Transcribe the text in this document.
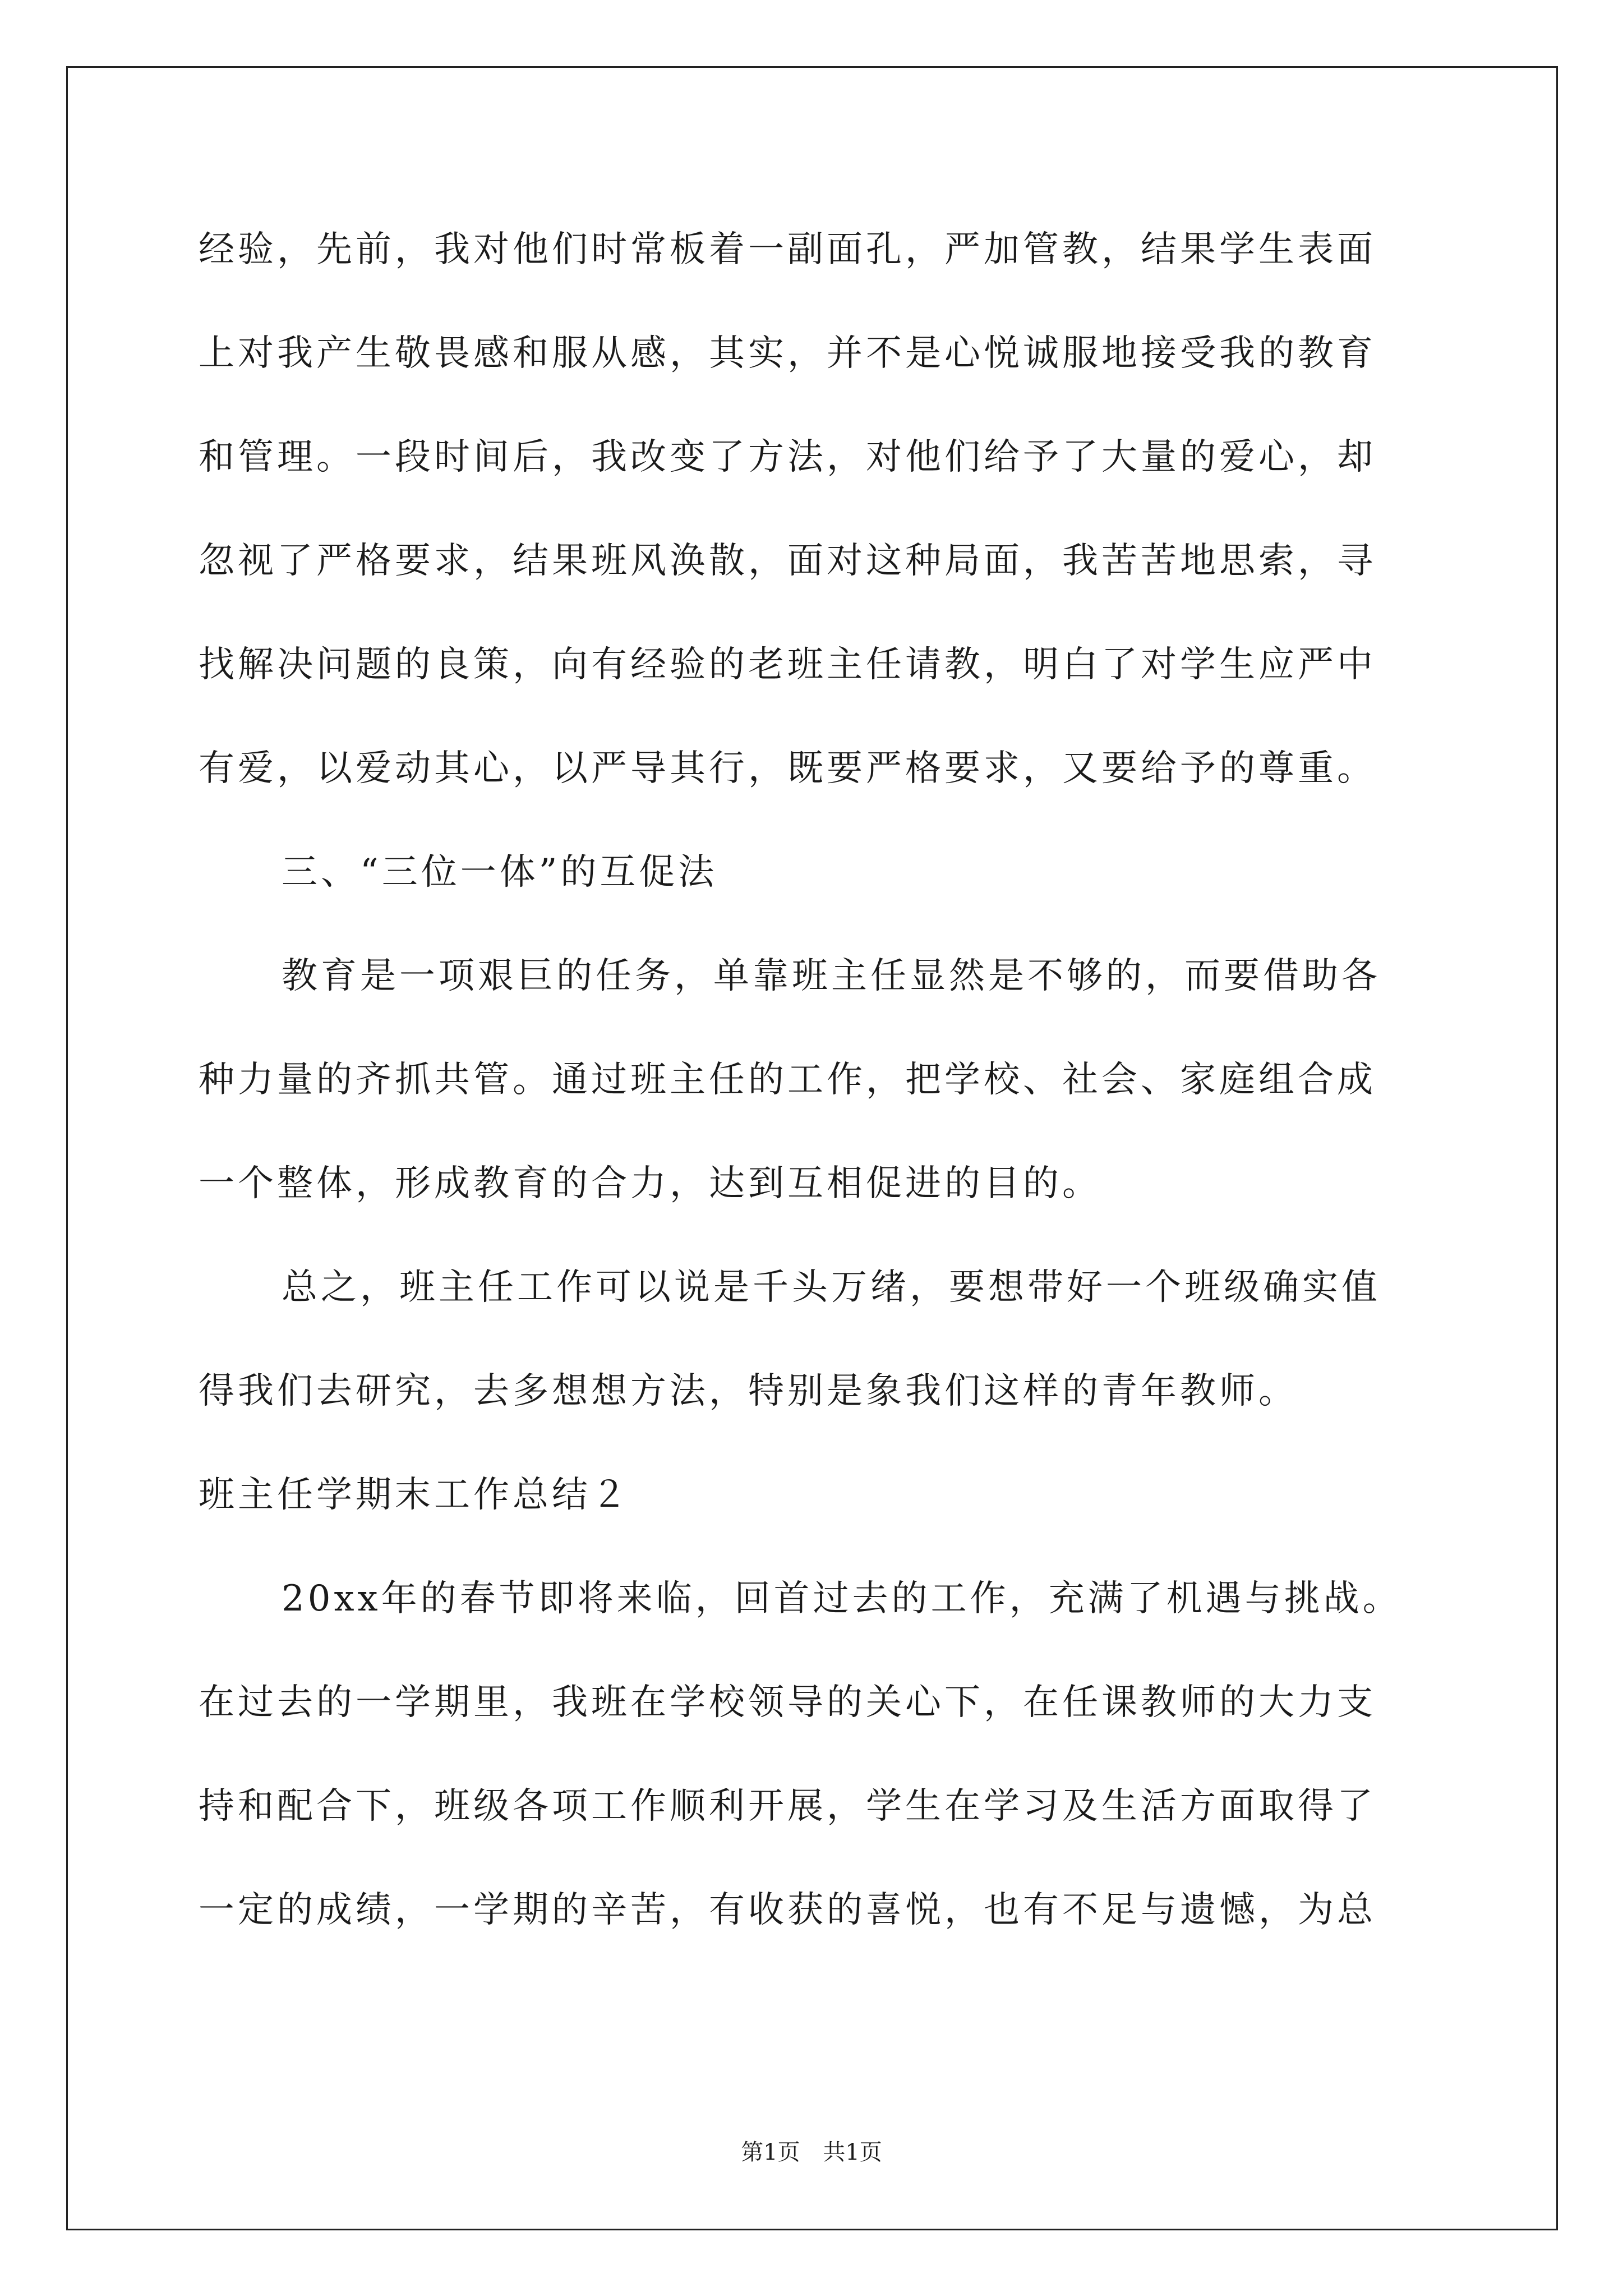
经验，先前，我对他们时常板着一副面孔，严加管教，结果学生表面
上对我产生敬畏感和服从感，其实，并不是心悦诚服地接受我的教育
和管理。一段时间后，我改变了方法，对他们给予了大量的爱心，却
忽视了严格要求，结果班风涣散，面对这种局面，我苦苦地思索，寻
找解决问题的良策，向有经验的老班主任请教，明白了对学生应严中
有爱，以爱动其心，以严导其行，既要严格要求，又要给予的尊重。
三、“三位一体”的互促法
教育是一项艰巨的任务，单靠班主任显然是不够的，而要借助各
种力量的齐抓共管。通过班主任的工作，把学校、社会、家庭组合成
一个整体，形成教育的合力，达到互相促进的目的。
总之，班主任工作可以说是千头万绪，要想带好一个班级确实值
得我们去研究，去多想想方法，特别是象我们这样的青年教师。
班主任学期末工作总结２
20xx年的春节即将来临，回首过去的工作，充满了机遇与挑战。
在过去的一学期里，我班在学校领导的关心下，在任课教师的大力支
持和配合下，班级各项工作顺利开展，学生在学习及生活方面取得了
一定的成绩，一学期的辛苦，有收获的喜悦，也有不足与遗憾，为总
第1页 共1页
